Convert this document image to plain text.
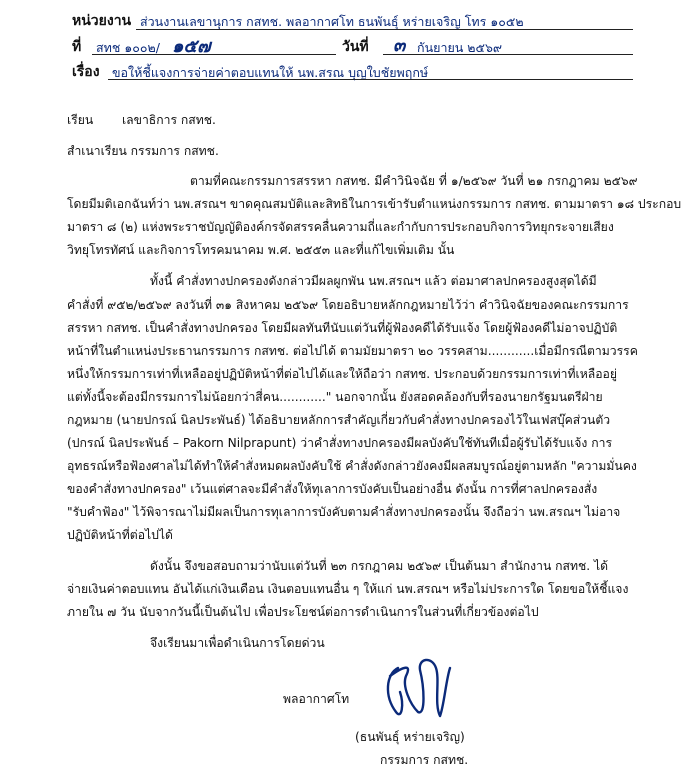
หน่วยงาน ส่วนงานเลขานุการ กสทช. พลอากาศโท ธนพันธุ์ หร่ายเจริญ โทร ๑๐๕๒
ที่ สทช ๑๐๐๒/ ๑๕๗	วันที่ ๓ กันยายน ๒๕๖๙
เรื่อง ขอให้ชี้แจงการจ่ายค่าตอบแทนให้ นพ.สรณ บุญใบชัยพฤกษ์
เรียน เลขาธิการ กสทช.
สำเนาเรียน กรรมการ กสทช.
ตามที่คณะกรรมการสรรหา กสทช. มีคำวินิจฉัย ที่ ๑/๒๕๖๙ วันที่ ๒๑ กรกฎาคม ๒๕๖๙
โดยมีมติเอกฉันท์ว่า นพ.สรณฯ ขาดคุณสมบัติและสิทธิในการเข้ารับตำแหน่งกรรมการ กสทช. ตามมาตรา ๑๘ ประกอบ
มาตรา ๘ (๒) แห่งพระราชบัญญัติองค์กรจัดสรรคลื่นความถี่และกำกับการประกอบกิจการวิทยุกระจายเสียง
วิทยุโทรทัศน์ และกิจการโทรคมนาคม พ.ศ. ๒๕๕๓ และที่แก้ไขเพิ่มเติม นั้น
ทั้งนี้ คำสั่งทางปกครองดังกล่าวมีผลผูกพัน นพ.สรณฯ แล้ว ต่อมาศาลปกครองสูงสุดได้มี
คำสั่งที่ ๙๕๒/๒๕๖๙ ลงวันที่ ๓๑ สิงหาคม ๒๕๖๙ โดยอธิบายหลักกฎหมายไว้ว่า คำวินิจฉัยของคณะกรรมการ
สรรหา กสทช. เป็นคำสั่งทางปกครอง โดยมีผลทันทีนับแต่วันที่ผู้ฟ้องคดีได้รับแจ้ง โดยผู้ฟ้องคดีไม่อาจปฏิบัติ
หน้าที่ในตำแหน่งประธานกรรมการ กสทช. ต่อไปได้ ตามมัยมาตรา ๒๐ วรรคสาม............เมื่อมีกรณีตามวรรค
หนึ่งให้กรรมการเท่าที่เหลืออยู่ปฏิบัติหน้าที่ต่อไปได้และให้ถือว่า กสทช. ประกอบด้วยกรรมการเท่าที่เหลืออยู่
แต่ทั้งนี้จะต้องมีกรรมการไม่น้อยกว่าสี่คน............" นอกจากนั้น ยังสอดคล้องกับที่รองนายกรัฐมนตรีฝ่าย
กฎหมาย (นายปกรณ์ นิลประพันธ์) ได้อธิบายหลักการสำคัญเกี่ยวกับคำสั่งทางปกครองไว้ในเฟสบุ๊คส่วนตัว
(ปกรณ์ นิลประพันธ์ – Pakorn Nilprapunt) ว่าคำสั่งทางปกครองมีผลบังคับใช้ทันทีเมื่อผู้รับได้รับแจ้ง การ
อุทธรณ์หรือฟ้องศาลไม่ได้ทำให้คำสั่งหมดผลบังคับใช้ คำสั่งดังกล่าวยังคงมีผลสมบูรณ์อยู่ตามหลัก "ความมั่นคง
ของคำสั่งทางปกครอง" เว้นแต่ศาลจะมีคำสั่งให้ทุเลาการบังคับเป็นอย่างอื่น ดังนั้น การที่ศาลปกครองสั่ง
"รับคำฟ้อง" ไว้พิจารณาไม่มีผลเป็นการทุเลาการบังคับตามคำสั่งทางปกครองนั้น จึงถือว่า นพ.สรณฯ ไม่อาจ
ปฏิบัติหน้าที่ต่อไปได้
ดังนั้น จึงขอสอบถามว่านับแต่วันที่ ๒๓ กรกฎาคม ๒๕๖๙ เป็นต้นมา สำนักงาน กสทช. ได้
จ่ายเงินค่าตอบแทน อันได้แก่เงินเดือน เงินตอบแทนอื่น ๆ ให้แก่ นพ.สรณฯ หรือไม่ประการใด โดยขอให้ชี้แจง
ภายใน ๗ วัน นับจากวันนี้เป็นต้นไป เพื่อประโยชน์ต่อการดำเนินการในส่วนที่เกี่ยวข้องต่อไป
จึงเรียนมาเพื่อดำเนินการโดยด่วน
พลอากาศโท
(ธนพันธุ์ หร่ายเจริญ)
กรรมการ กสทช.
